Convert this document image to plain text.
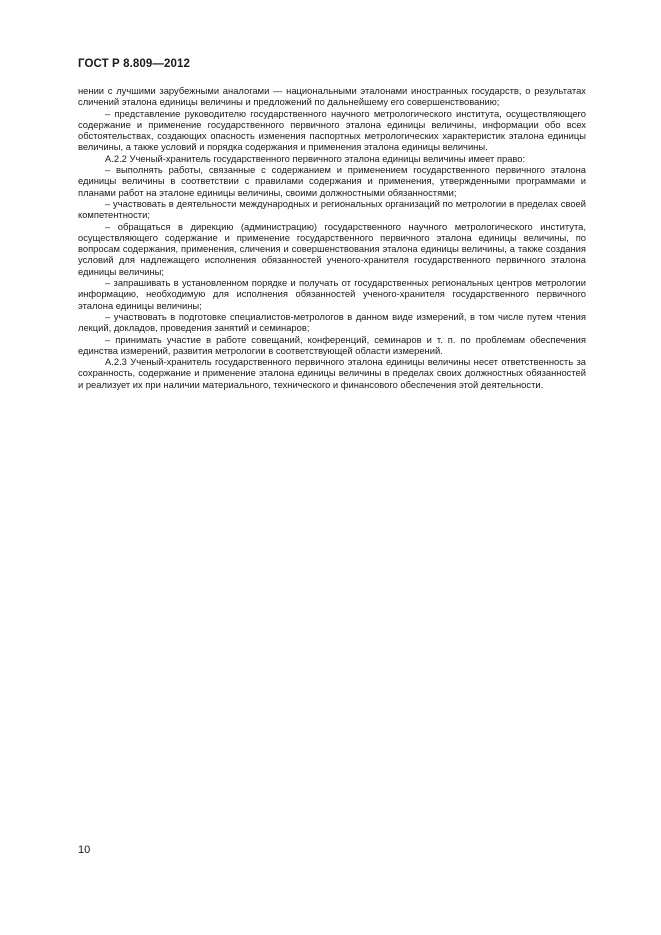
ГОСТ Р 8.809—2012

нении с лучшими зарубежными аналогами — национальными эталонами иностранных государств, о результатах сличений эталона единицы величины и предложений по дальнейшему его совершенствованию;

– представление руководителю государственного научного метрологического института, осуществляющего содержание и применение государственного первичного эталона единицы величины, информации обо всех обстоятельствах, создающих опасность изменения паспортных метрологических характеристик эталона единицы величины, а также условий и порядка содержания и применения эталона единицы величины.

А.2.2 Ученый-хранитель государственного первичного эталона единицы величины имеет право:

– выполнять работы, связанные с содержанием и применением государственного первичного эталона единицы величины в соответствии с правилами содержания и применения, утвержденными программами и планами работ на эталоне единицы величины, своими должностными обязанностями;

– участвовать в деятельности международных и региональных организаций по метрологии в пределах своей компетентности;

– обращаться в дирекцию (администрацию) государственного научного метрологического института, осуществляющего содержание и применение государственного первичного эталона единицы величины, по вопросам содержания, применения, сличения и совершенствования эталона единицы величины, а также создания условий для надлежащего исполнения обязанностей ученого-хранителя государственного первичного эталона единицы величины;

– запрашивать в установленном порядке и получать от государственных региональных центров метрологии информацию, необходимую для исполнения обязанностей ученого-хранителя государственного первичного эталона единицы величины;

– участвовать в подготовке специалистов-метрологов в данном виде измерений, в том числе путем чтения лекций, докладов, проведения занятий и семинаров;

– принимать участие в работе совещаний, конференций, семинаров и т. п. по проблемам обеспечения единства измерений, развития метрологии в соответствующей области измерений.

А.2.3 Ученый-хранитель государственного первичного эталона единицы величины несет ответственность за сохранность, содержание и применение эталона единицы величины в пределах своих должностных обязанностей и реализует их при наличии материального, технического и финансового обеспечения этой деятельности.

10
